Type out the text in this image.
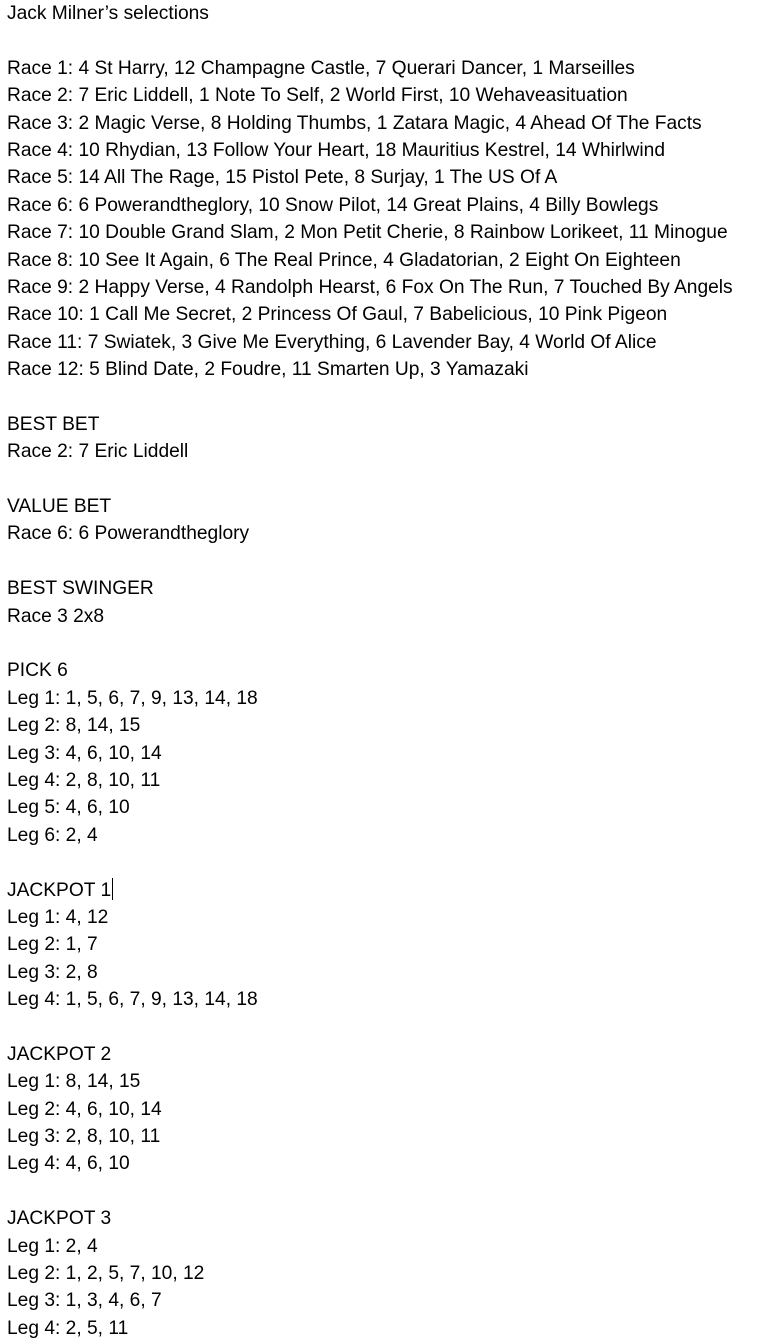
Jack Milner’s selections
Race 1: 4 St Harry, 12 Champagne Castle, 7 Querari Dancer, 1 Marseilles
Race 2: 7 Eric Liddell, 1 Note To Self, 2 World First, 10 Wehaveasituation
Race 3: 2 Magic Verse, 8 Holding Thumbs, 1 Zatara Magic, 4 Ahead Of The Facts
Race 4: 10 Rhydian, 13 Follow Your Heart, 18 Mauritius Kestrel, 14 Whirlwind
Race 5: 14 All The Rage, 15 Pistol Pete, 8 Surjay, 1 The US Of A
Race 6: 6 Powerandtheglory, 10 Snow Pilot, 14 Great Plains, 4 Billy Bowlegs
Race 7: 10 Double Grand Slam, 2 Mon Petit Cherie, 8 Rainbow Lorikeet, 11 Minogue
Race 8: 10 See It Again, 6 The Real Prince, 4 Gladatorian, 2 Eight On Eighteen
Race 9: 2 Happy Verse, 4 Randolph Hearst, 6 Fox On The Run, 7 Touched By Angels
Race 10: 1 Call Me Secret, 2 Princess Of Gaul, 7 Babelicious, 10 Pink Pigeon
Race 11: 7 Swiatek, 3 Give Me Everything, 6 Lavender Bay, 4 World Of Alice
Race 12: 5 Blind Date, 2 Foudre, 11 Smarten Up, 3 Yamazaki
BEST BET
Race 2: 7 Eric Liddell
VALUE BET
Race 6: 6 Powerandtheglory
BEST SWINGER
Race 3 2x8
PICK 6
Leg 1: 1, 5, 6, 7, 9, 13, 14, 18
Leg 2: 8, 14, 15
Leg 3: 4, 6, 10, 14
Leg 4: 2, 8, 10, 11
Leg 5: 4, 6, 10
Leg 6: 2, 4
JACKPOT 1
Leg 1: 4, 12
Leg 2: 1, 7
Leg 3: 2, 8
Leg 4: 1, 5, 6, 7, 9, 13, 14, 18
JACKPOT 2
Leg 1: 8, 14, 15
Leg 2: 4, 6, 10, 14
Leg 3: 2, 8, 10, 11
Leg 4: 4, 6, 10
JACKPOT 3
Leg 1: 2, 4
Leg 2: 1, 2, 5, 7, 10, 12
Leg 3: 1, 3, 4, 6, 7
Leg 4: 2, 5, 11
